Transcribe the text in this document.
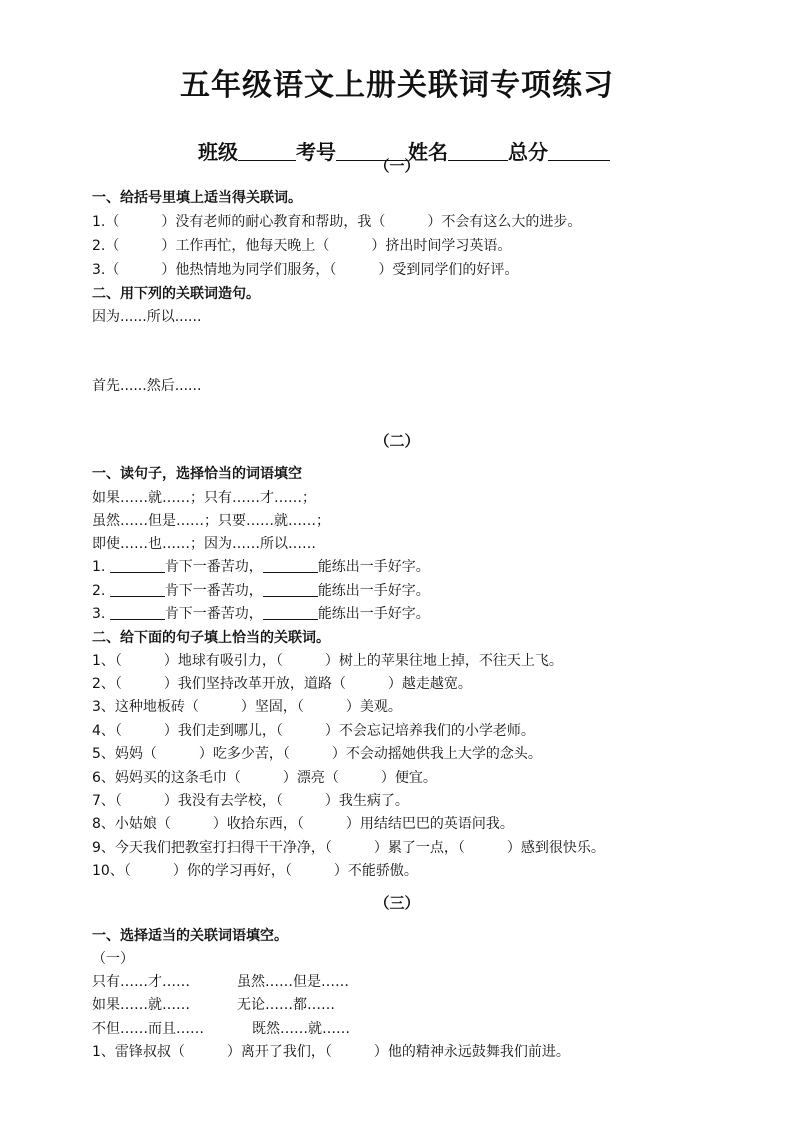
五年级语文上册关联词专项练习

班级	考号	姓名	总分

（一）
一、给括号里填上适当得关联词。
1.（　　　）没有老师的耐心教育和帮助，我（　　　）不会有这么大的进步。
2.（　　　）工作再忙，他每天晚上（　　　）挤出时间学习英语。
3.（　　　）他热情地为同学们服务，（　　　）受到同学们的好评。
二、用下列的关联词造句。
因为......所以......
首先......然后......
（二）
一、读句子，选择恰当的词语填空
如果……就……；只有……才……；
虽然……但是……；只要……就……；
即使……也……；因为……所以……
1.	肯下一番苦功，	能练出一手好字。
2.	肯下一番苦功，	能练出一手好字。
3.	肯下一番苦功，	能练出一手好字。
二、给下面的句子填上恰当的关联词。
1、（　　　）地球有吸引力，（　　　）树上的苹果往地上掉，不往天上飞。
2、（　　　）我们坚持改革开放，道路（　　　）越走越宽。
3、这种地板砖（　　　）坚固，（　　　）美观。
4、（　　　）我们走到哪儿，（　　　）不会忘记培养我们的小学老师。
5、妈妈（　　　）吃多少苦，（　　　）不会动摇她供我上大学的念头。
6、妈妈买的这条毛巾（　　　）漂亮（　　　）便宜。
7、（　　　）我没有去学校，（　　　）我生病了。
8、小姑娘（　　　）收拾东西，（　　　）用结结巴巴的英语问我。
9、今天我们把教室打扫得干干净净，（　　　）累了一点，（　　　）感到很快乐。
10、（　　　）你的学习再好，（　　　）不能骄傲。
（三）
一、选择适当的关联词语填空。
（一）
只有……才……	虽然……但是……
如果……就……	无论……都……
不但……而且……	既然……就……
1、雷锋叔叔（　　　）离开了我们，（　　　）他的精神永远鼓舞我们前进。
